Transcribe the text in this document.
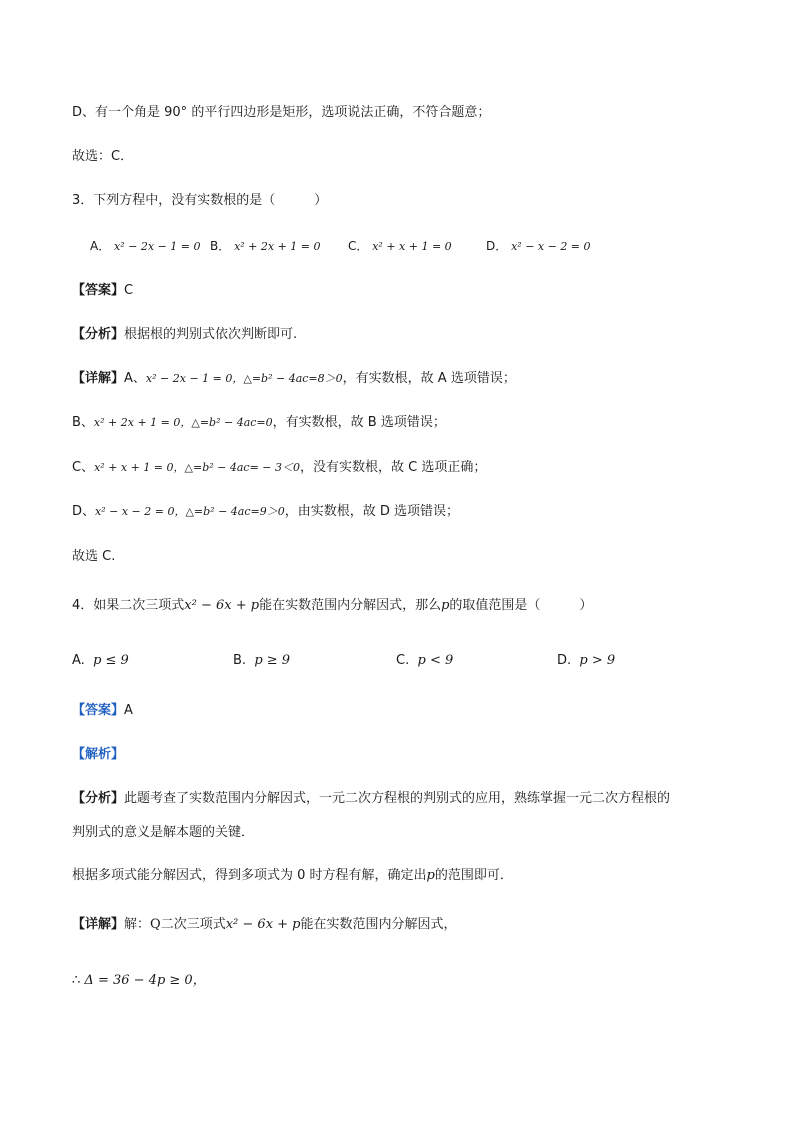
D、有一个角是 90° 的平行四边形是矩形，选项说法正确，不符合题意；
故选：C．
3．下列方程中，没有实数根的是（　　　）
A． x² − 2x − 1 = 0 B． x² + 2x + 1 = 0 C． x² + x + 1 = 0	D． x² − x − 2 = 0
【答案】C
【分析】根据根的判别式依次判断即可.
【详解】A、x² − 2x − 1 = 0，△=b² − 4ac=8＞0，有实数根，故 A 选项错误；
B、x² + 2x + 1 = 0，△=b² − 4ac=0，有实数根，故 B 选项错误；
C、x² + x + 1 = 0，△=b² − 4ac= − 3＜0，没有实数根，故 C 选项正确；
D、x² − x − 2 = 0，△=b² − 4ac=9＞0，由实数根，故 D 选项错误；
故选 C.
4．如果二次三项式x² − 6x + p能在实数范围内分解因式，那么p的取值范围是（　　　）
A. p ≤ 9	B. p ≥ 9	C. p < 9	D. p > 9
【答案】A
【解析】
【分析】此题考查了实数范围内分解因式，一元二次方程根的判别式的应用，熟练掌握一元二次方程根的
判别式的意义是解本题的关键．
根据多项式能分解因式，得到多项式为 0 时方程有解，确定出p的范围即可．
【详解】解：Q二次三项式x² − 6x + p能在实数范围内分解因式，
∴ Δ = 36 − 4p ≥ 0，
